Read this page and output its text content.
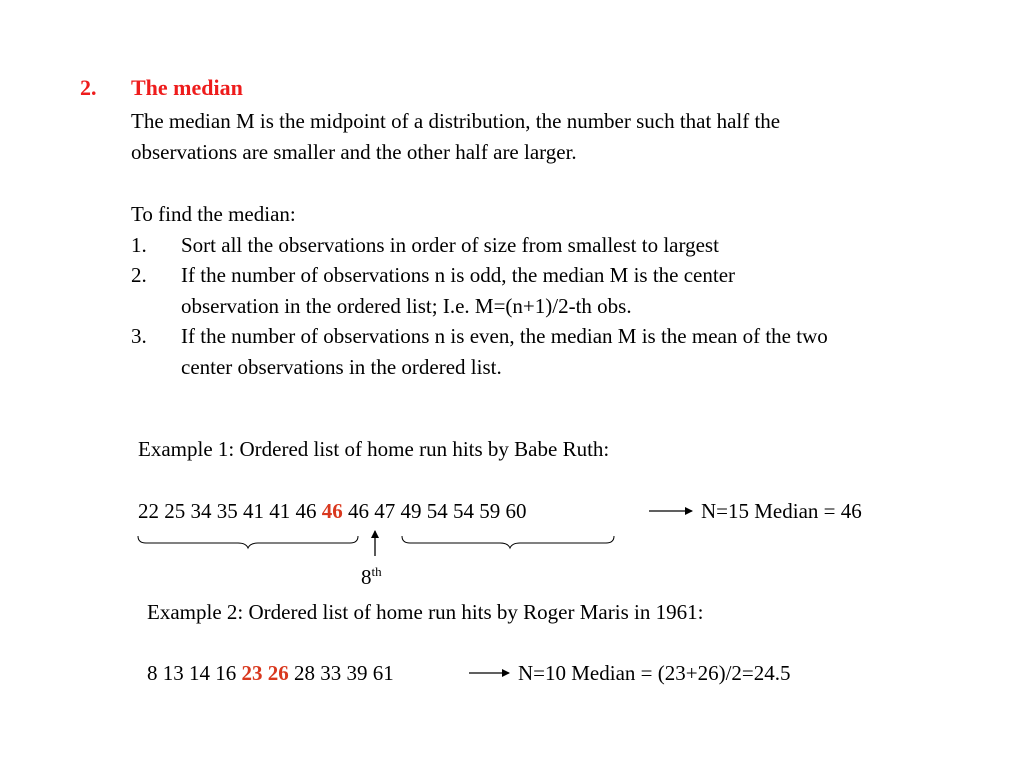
2. The median
The median M is the midpoint of a distribution, the number such that half the
observations are smaller and the other half are larger.
To find the median:
1. Sort all the observations in order of size from smallest to largest
2. If the number of observations n is odd, the median M is the center
observation in the ordered list; I.e. M=(n+1)/2-th obs.
3. If the number of observations n is even, the median M is the mean of the two
center observations in the ordered list.
Example 1: Ordered list of home run hits by Babe Ruth:
22 25 34 35 41 41 46 46 46 47 49 54 54 59 60	N=15 Median = 46
8th
Example 2: Ordered list of home run hits by Roger Maris in 1961:
8 13 14 16 23 26 28 33 39 61	N=10 Median = (23+26)/2=24.5
